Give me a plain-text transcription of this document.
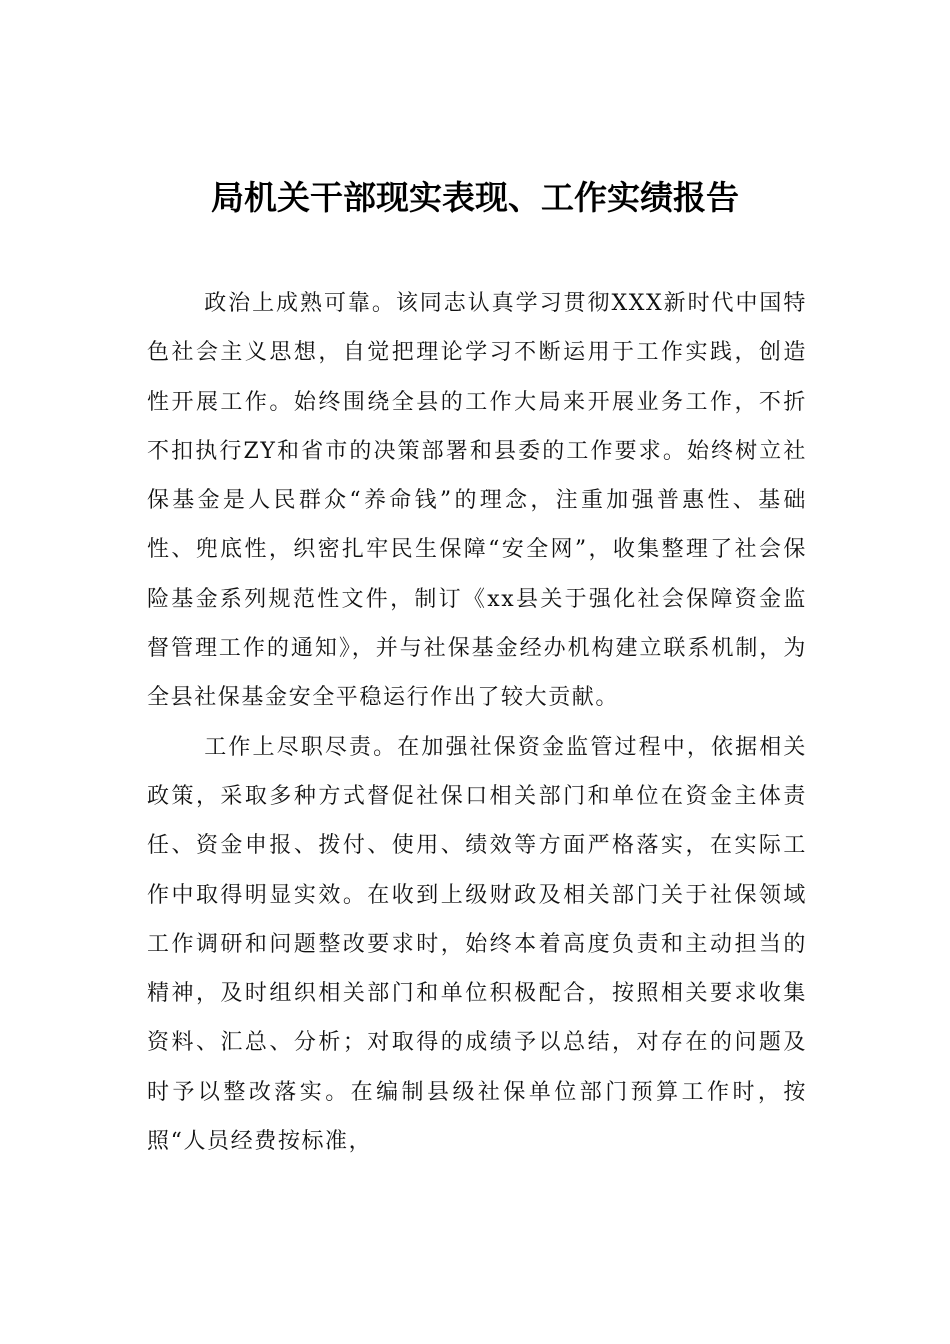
局机关干部现实表现、工作实绩报告

政治上成熟可靠。该同志认真学习贯彻XXX新时代中国特色社会主义思想，自觉把理论学习不断运用于工作实践，创造性开展工作。始终围绕全县的工作大局来开展业务工作，不折不扣执行ZY和省市的决策部署和县委的工作要求。始终树立社保基金是人民群众“养命钱”的理念，注重加强普惠性、基础性、兜底性，织密扎牢民生保障“安全网”，收集整理了社会保险基金系列规范性文件，制订《xx县关于强化社会保障资金监督管理工作的通知》，并与社保基金经办机构建立联系机制，为全县社保基金安全平稳运行作出了较大贡献。

工作上尽职尽责。在加强社保资金监管过程中，依据相关政策，采取多种方式督促社保口相关部门和单位在资金主体责任、资金申报、拨付、使用、绩效等方面严格落实，在实际工作中取得明显实效。在收到上级财政及相关部门关于社保领域工作调研和问题整改要求时，始终本着高度负责和主动担当的精神，及时组织相关部门和单位积极配合，按照相关要求收集资料、汇总、分析；对取得的成绩予以总结，对存在的问题及时予以整改落实。在编制县级社保单位部门预算工作时，按照“人员经费按标准，
